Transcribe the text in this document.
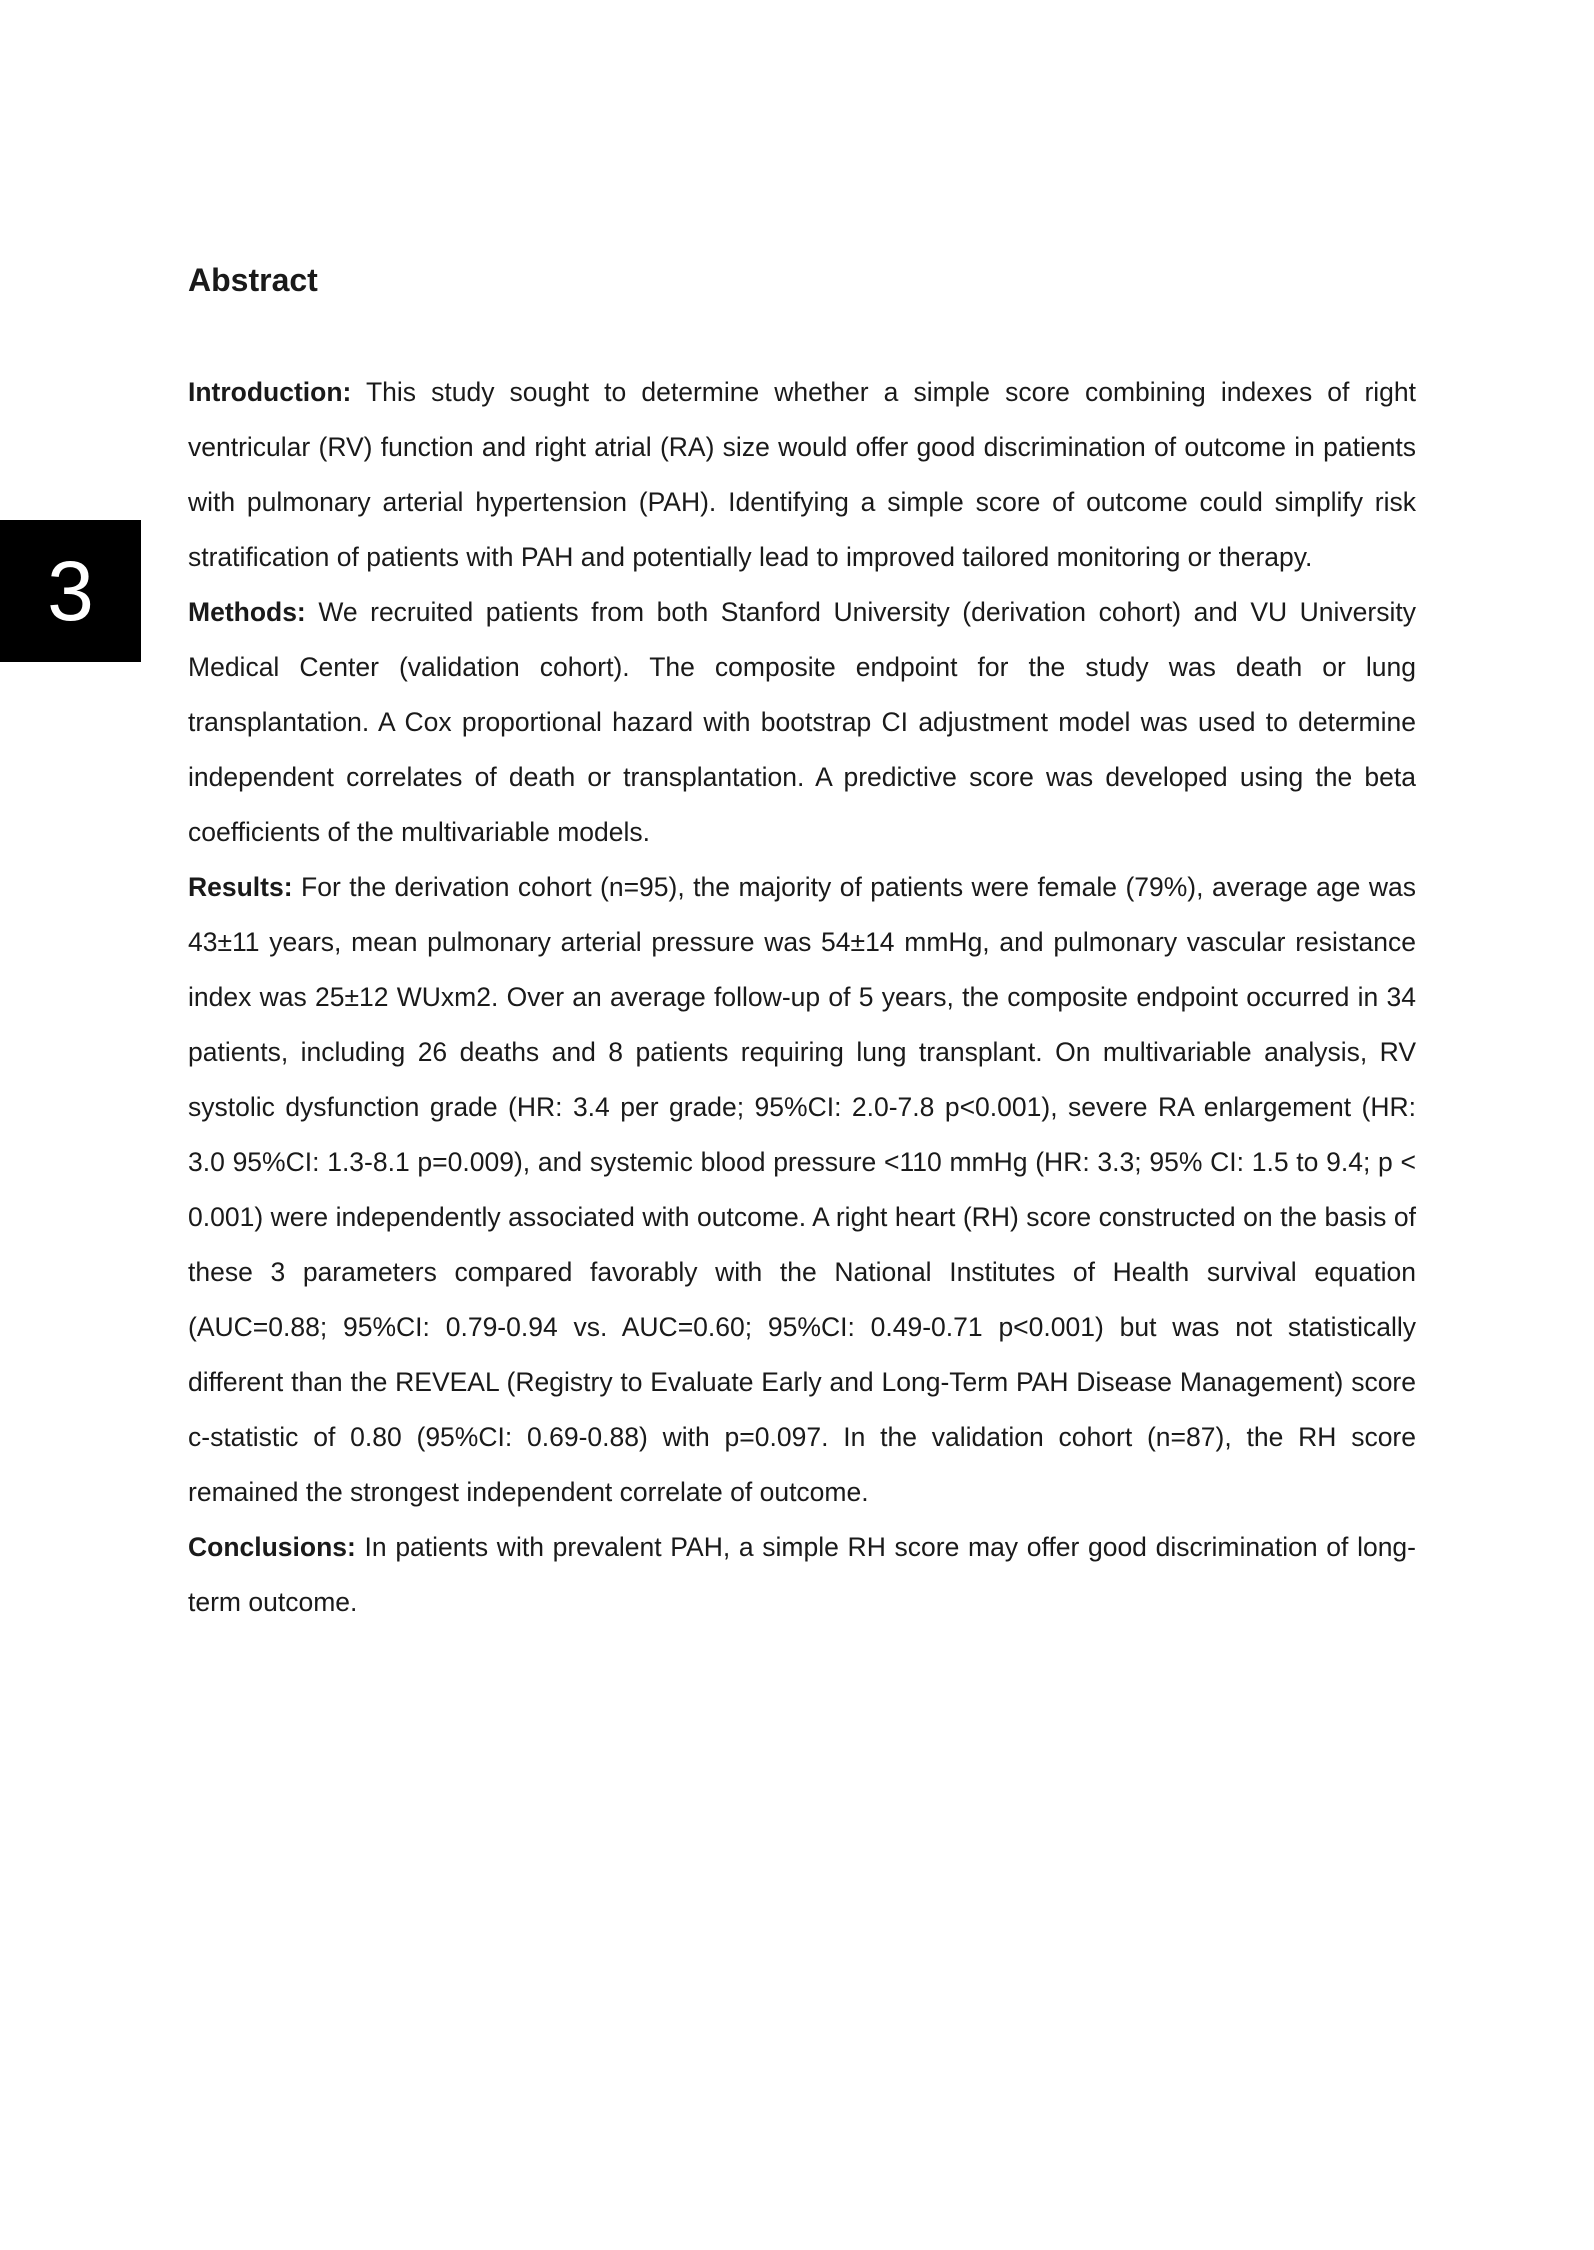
3
Abstract

Introduction: This study sought to determine whether a simple score combining indexes of right ventricular (RV) function and right atrial (RA) size would offer good discrimination of outcome in patients with pulmonary arterial hypertension (PAH). Identifying a simple score of outcome could simplify risk stratification of patients with PAH and potentially lead to improved tailored monitoring or therapy.

Methods: We recruited patients from both Stanford University (derivation cohort) and VU University Medical Center (validation cohort). The composite endpoint for the study was death or lung transplantation. A Cox proportional hazard with bootstrap CI adjustment model was used to determine independent correlates of death or transplantation. A predictive score was developed using the beta coefficients of the multivariable models.

Results: For the derivation cohort (n=95), the majority of patients were female (79%), average age was 43±11 years, mean pulmonary arterial pressure was 54±14 mmHg, and pulmonary vascular resistance index was 25±12 WUxm2. Over an average follow-up of 5 years, the composite endpoint occurred in 34 patients, including 26 deaths and 8 patients requiring lung transplant. On multivariable analysis, RV systolic dysfunction grade (HR: 3.4 per grade; 95%CI: 2.0-7.8 p<0.001), severe RA enlargement (HR: 3.0 95%CI: 1.3-8.1 p=0.009), and systemic blood pressure <110 mmHg (HR: 3.3; 95% CI: 1.5 to 9.4; p < 0.001) were independently associated with outcome. A right heart (RH) score constructed on the basis of these 3 parameters compared favorably with the National Institutes of Health survival equation (AUC=0.88; 95%CI: 0.79-0.94 vs. AUC=0.60; 95%CI: 0.49-0.71 p<0.001) but was not statistically different than the REVEAL (Registry to Evaluate Early and Long-Term PAH Disease Management) score c-statistic of 0.80 (95%CI: 0.69-0.88) with p=0.097. In the validation cohort (n=87), the RH score remained the strongest independent correlate of outcome.

Conclusions: In patients with prevalent PAH, a simple RH score may offer good discrimination of long-term outcome.
